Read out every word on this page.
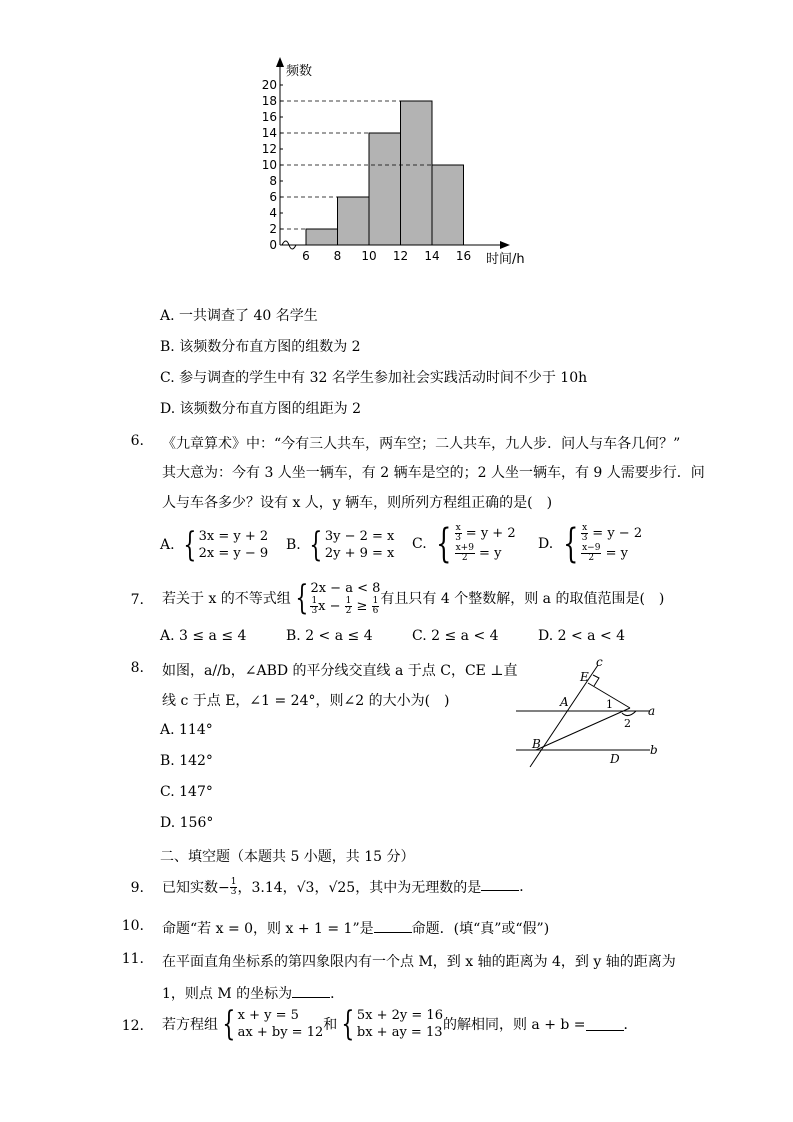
0
2
4
6
8
10
12
14
16
18
20
6 8 10 12 14 16
频数
时间/h
A. 一共调查了 40 名学生
B. 该频数分布直方图的组数为 2
C. 参与调查的学生中有 32 名学生参加社会实践活动时间不少于 10h
D. 该频数分布直方图的组距为 2
6. 《九章算术》中：“今有三人共车，两车空；二人共车，九人步．问人与车各几何？”
其大意为：今有 3 人坐一辆车，有 2 辆车是空的；2 人坐一辆车，有 9 人需要步行．问
人与车各多少？设有 x 人，y 辆车，则所列方程组正确的是(　)
A. { 3x = y + 2
2x = y − 9
B. { 3y − 2 = x
2y + 9 = x
C. { $\frac{x}{3} = y + 2$

$\frac{x+9}{2} = y$
D. { $\frac{x}{3} = y - 2$

$\frac{x-9}{2} = y$
7. 若关于 x 的不等式组 { 2x − a < 8

$\frac{1}{3}$ $x - \frac{1}{2} \ge \frac{1}{6}$ 有且只有 4 个整数解，则 a 的取值范围是(　)
A. 3 ≤ a ≤ 4	B. 2 < a ≤ 4	C. 2 ≤ a < 4	D. 2 < a < 4
8. 如图，a//b，∠ABD 的平分线交直线 a 于点 C，CE ⊥直
线 c 于点 E，∠1 = 24°，则∠2 的大小为(　)
A. 114°
B. 142°
C. 147°
D. 156°
c
E
A	1	a
2
B
D
b
二、填空题（本题共 5 小题，共 15 分）
9. 已知实数− $\frac{1}{3}$ ，3.14，√3，√25，其中为无理数的是	．
10. 命题“若 x = 0，则 x + 1 = 1”是	命题．(填“真”或“假”)
11. 在平面直角坐标系的第四象限内有一个点 M，到 x 轴的距离为 4，到 y 轴的距离为
1，则点 M 的坐标为	．
12. 若方程组 { x + y = 5
ax + by = 12和 { 5x + 2y = 16
bx + ay = 13的解相同，则 a + b =	．
